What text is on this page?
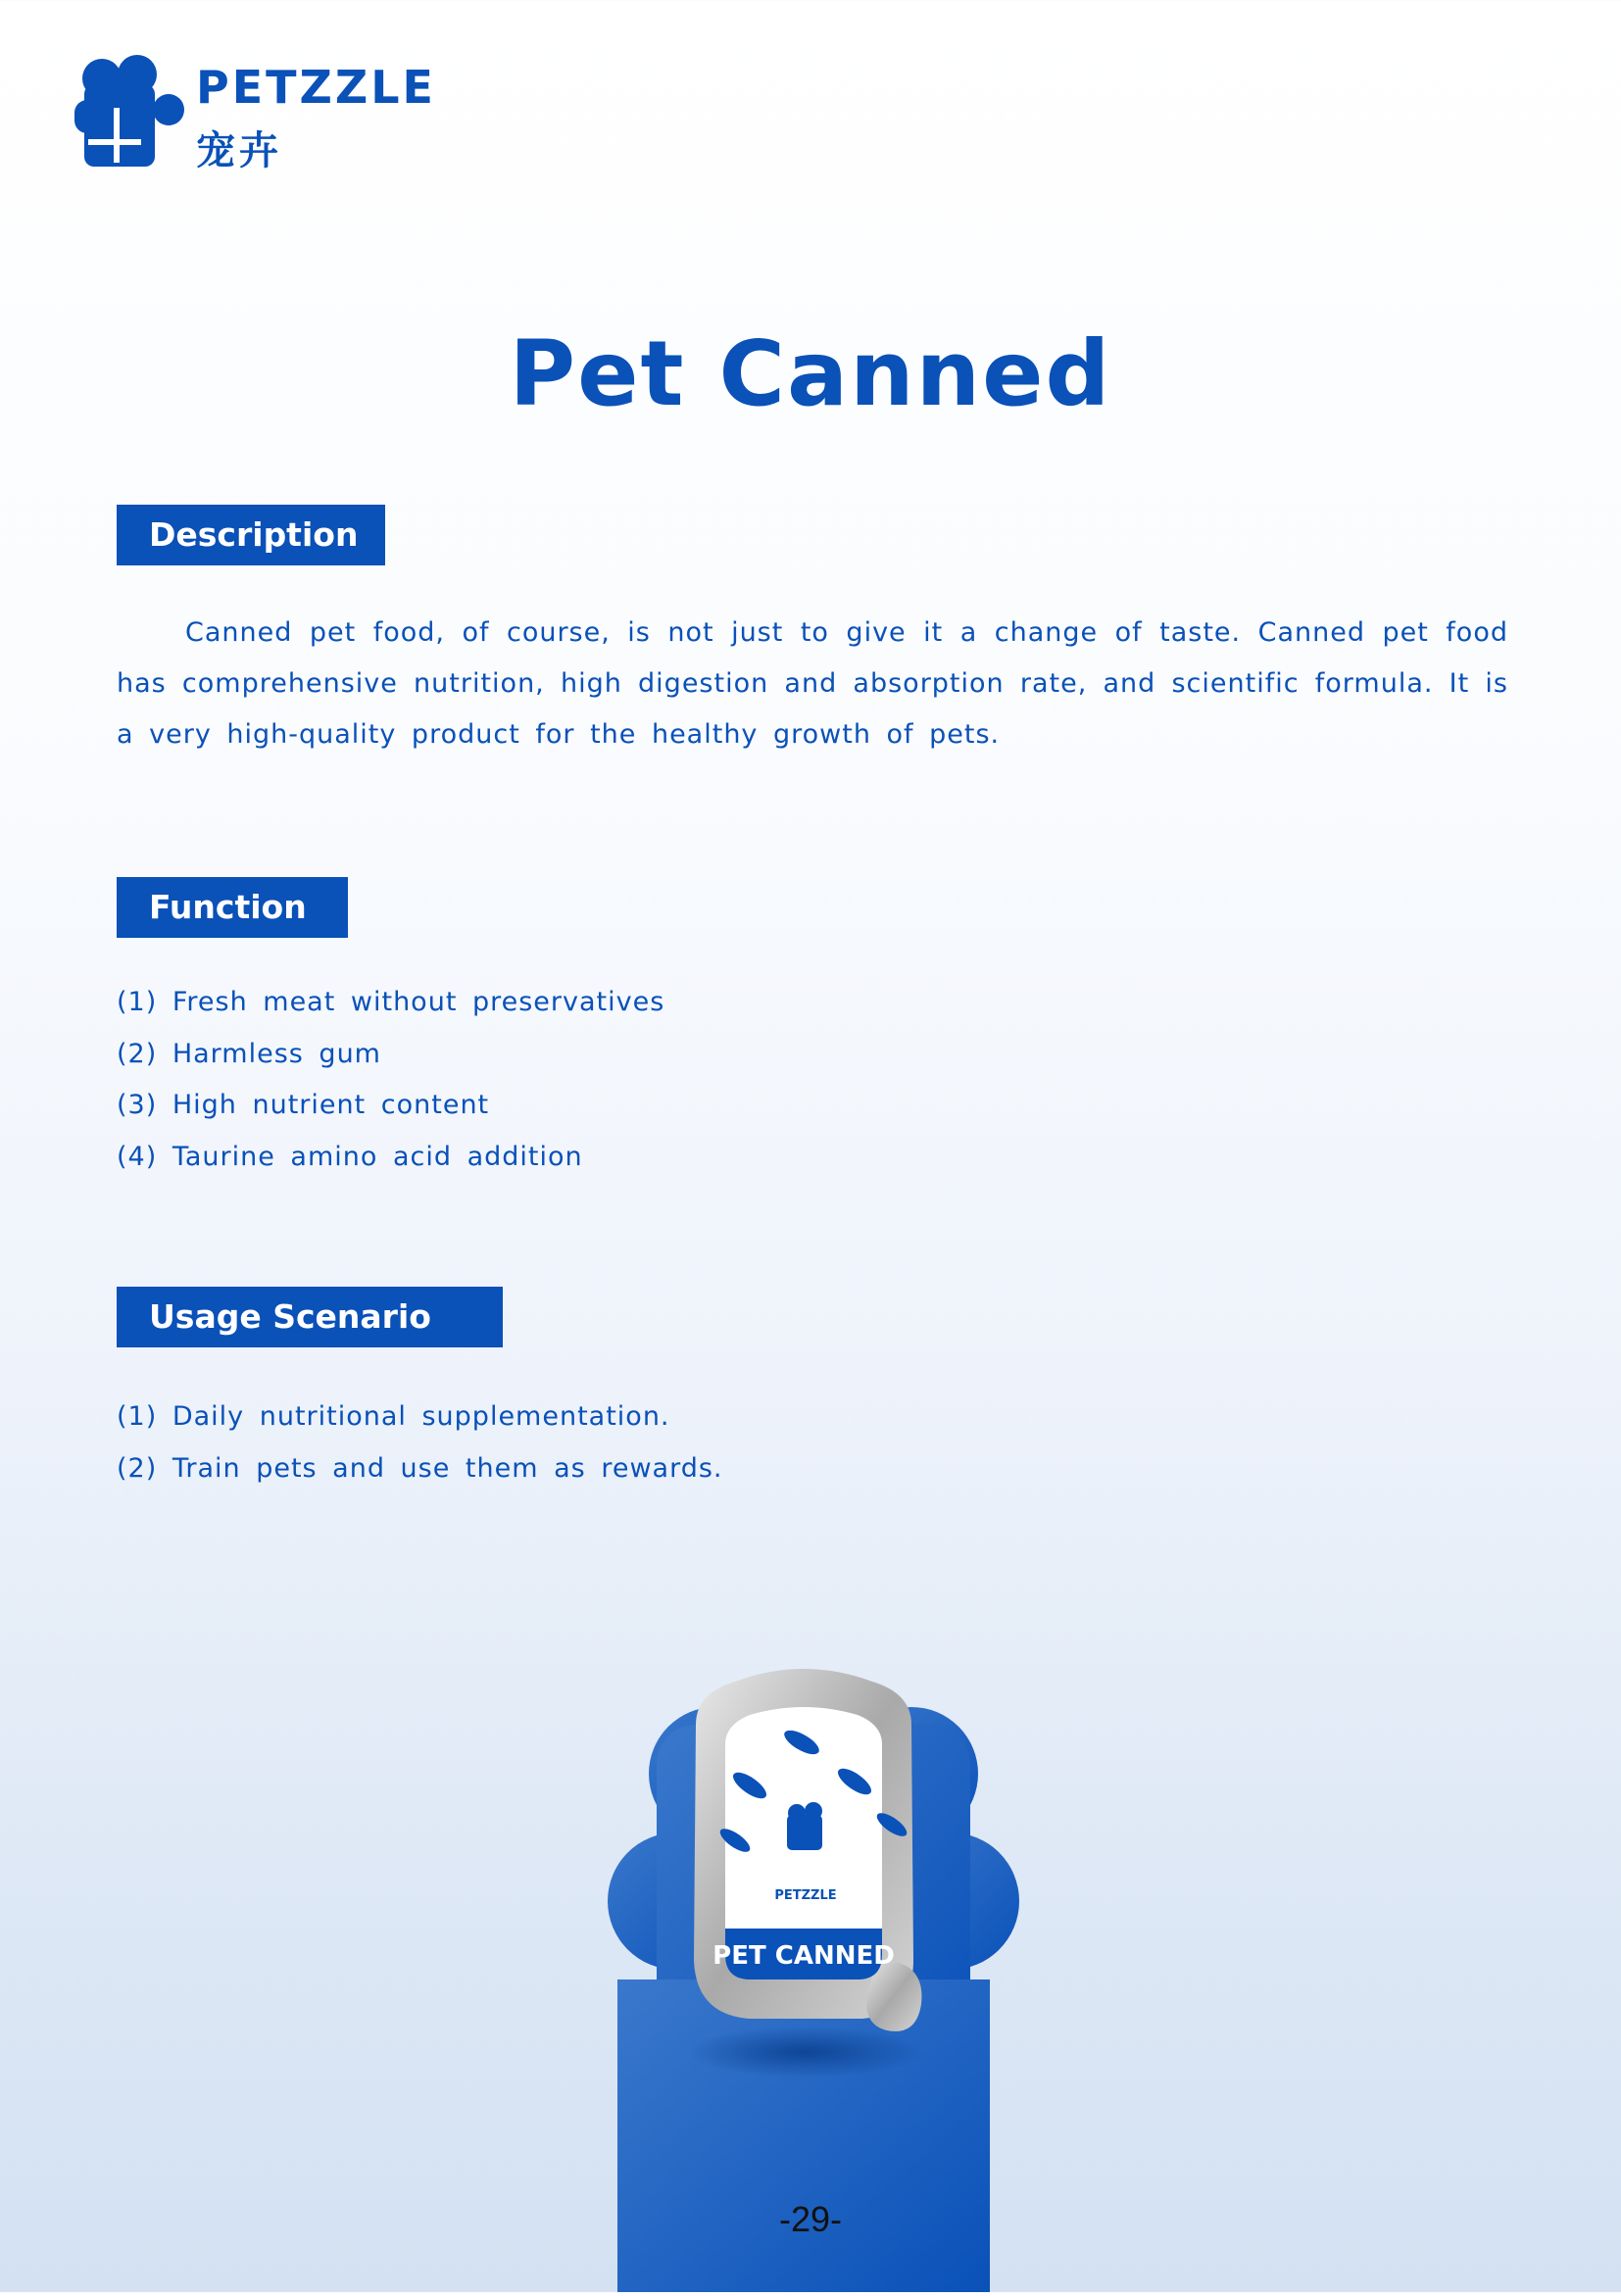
PETZZLE
宠卉
Pet Canned
Description

Canned pet food, of course, is not just to give it a change of taste. Canned pet food has comprehensive nutrition, high digestion and absorption rate, and scientific formula. It is a very high-quality product for the healthy growth of pets.

Function
(1) Fresh meat without preservatives
(2) Harmless gum
(3) High nutrient content
(4) Taurine amino acid addition
Usage Scenario
(1) Daily nutritional supplementation.
(2) Train pets and use them as rewards.
PETZZLE
PET CANNED
-29-
